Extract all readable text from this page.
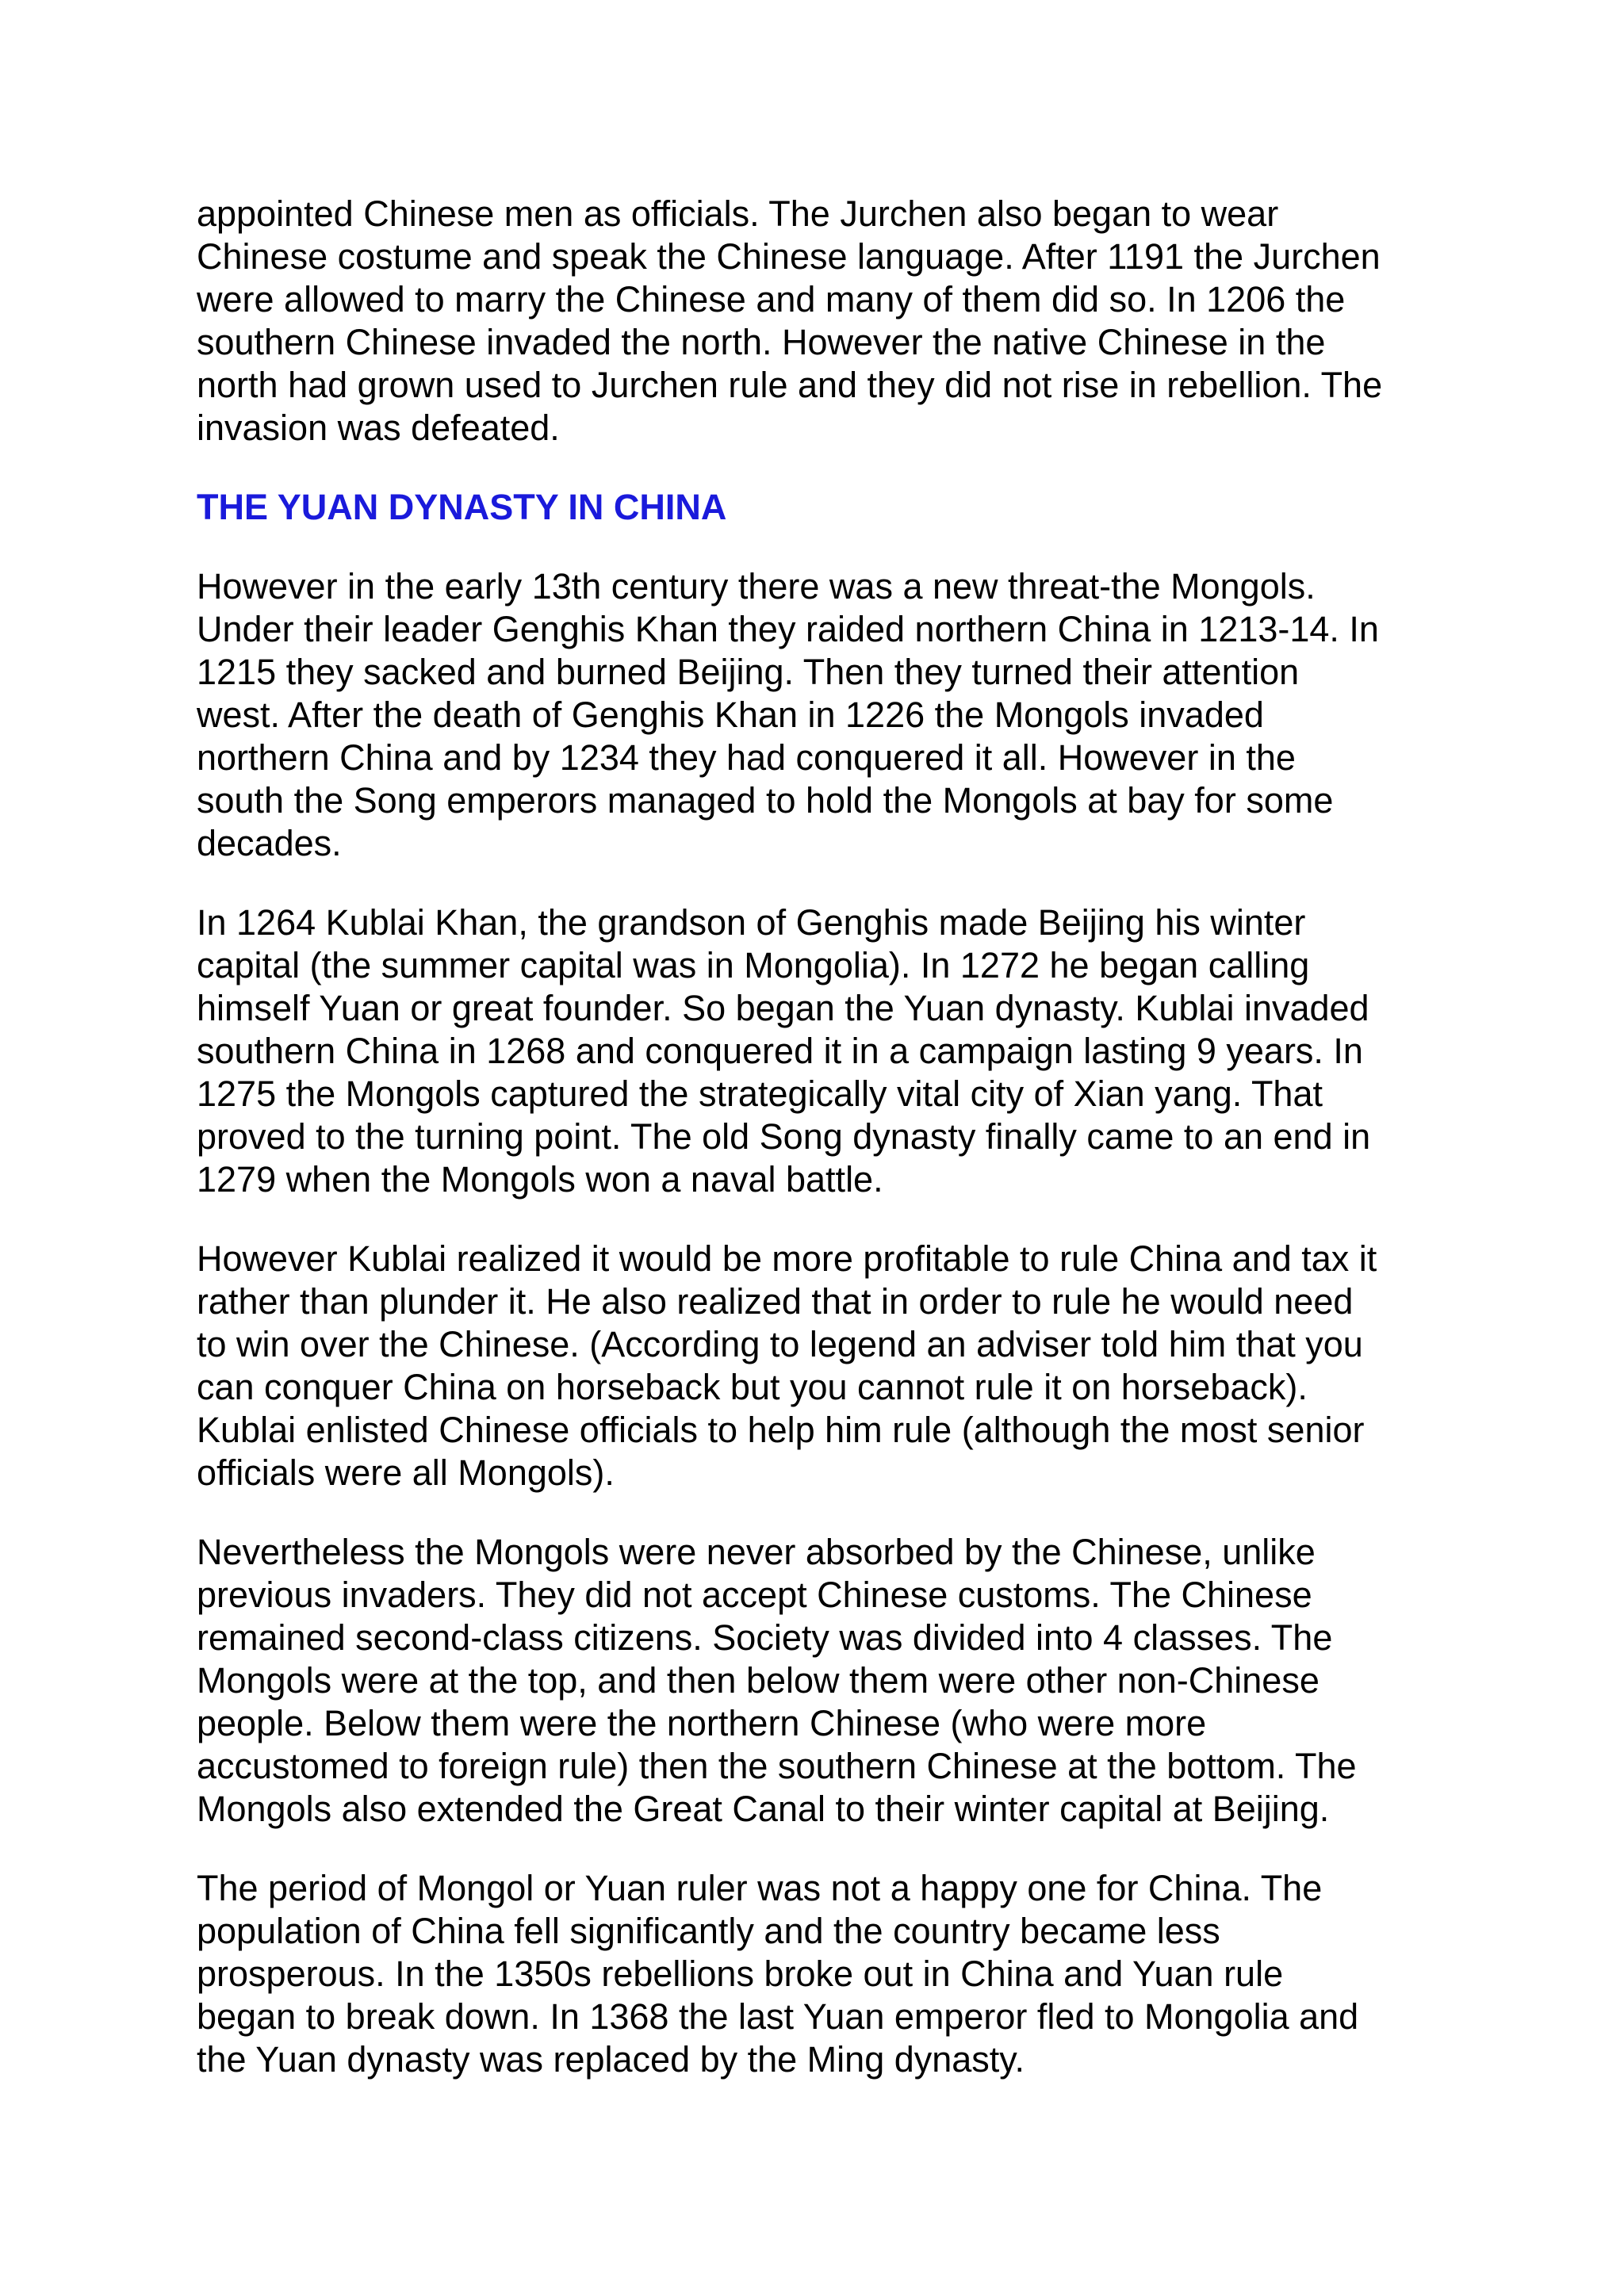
appointed Chinese men as officials. The Jurchen also began to wear
Chinese costume and speak the Chinese language. After 1191 the Jurchen
were allowed to marry the Chinese and many of them did so. In 1206 the
southern Chinese invaded the north. However the native Chinese in the
north had grown used to Jurchen rule and they did not rise in rebellion. The
invasion was defeated.

THE YUAN DYNASTY IN CHINA

However in the early 13th century there was a new threat-the Mongols.
Under their leader Genghis Khan they raided northern China in 1213-14. In
1215 they sacked and burned Beijing. Then they turned their attention
west. After the death of Genghis Khan in 1226 the Mongols invaded
northern China and by 1234 they had conquered it all. However in the
south the Song emperors managed to hold the Mongols at bay for some
decades.

In 1264 Kublai Khan, the grandson of Genghis made Beijing his winter
capital (the summer capital was in Mongolia). In 1272 he began calling
himself Yuan or great founder. So began the Yuan dynasty. Kublai invaded
southern China in 1268 and conquered it in a campaign lasting 9 years. In
1275 the Mongols captured the strategically vital city of Xian yang. That
proved to the turning point. The old Song dynasty finally came to an end in
1279 when the Mongols won a naval battle.

However Kublai realized it would be more profitable to rule China and tax it
rather than plunder it. He also realized that in order to rule he would need
to win over the Chinese. (According to legend an adviser told him that you
can conquer China on horseback but you cannot rule it on horseback).
Kublai enlisted Chinese officials to help him rule (although the most senior
officials were all Mongols).

Nevertheless the Mongols were never absorbed by the Chinese, unlike
previous invaders. They did not accept Chinese customs. The Chinese
remained second-class citizens. Society was divided into 4 classes. The
Mongols were at the top, and then below them were other non-Chinese
people. Below them were the northern Chinese (who were more
accustomed to foreign rule) then the southern Chinese at the bottom. The
Mongols also extended the Great Canal to their winter capital at Beijing.

The period of Mongol or Yuan ruler was not a happy one for China. The
population of China fell significantly and the country became less
prosperous. In the 1350s rebellions broke out in China and Yuan rule
began to break down. In 1368 the last Yuan emperor fled to Mongolia and
the Yuan dynasty was replaced by the Ming dynasty.
